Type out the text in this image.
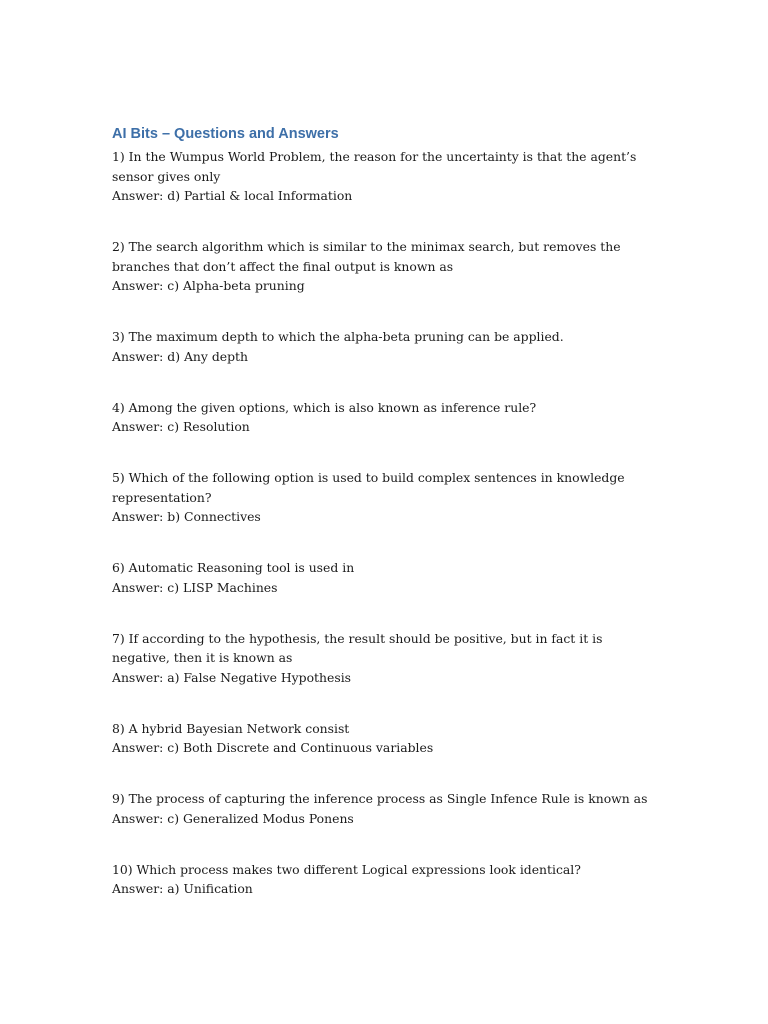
AI Bits – Questions and Answers

1) In the Wumpus World Problem, the reason for the uncertainty is that the agent’s sensor gives only

Answer: d) Partial & local Information

2) The search algorithm which is similar to the minimax search, but removes the branches that don’t affect the final output is known as

Answer: c) Alpha-beta pruning

3) The maximum depth to which the alpha-beta pruning can be applied.

Answer: d) Any depth

4) Among the given options, which is also known as inference rule?

Answer: c) Resolution

5) Which of the following option is used to build complex sentences in knowledge representation?

Answer: b) Connectives

6) Automatic Reasoning tool is used in

Answer: c) LISP Machines

7) If according to the hypothesis, the result should be positive, but in fact it is negative, then it is known as

Answer: a) False Negative Hypothesis

8) A hybrid Bayesian Network consist

Answer: c) Both Discrete and Continuous variables

9) The process of capturing the inference process as Single Infence Rule is known as

Answer: c) Generalized Modus Ponens

10) Which process makes two different Logical expressions look identical?

Answer: a) Unification
